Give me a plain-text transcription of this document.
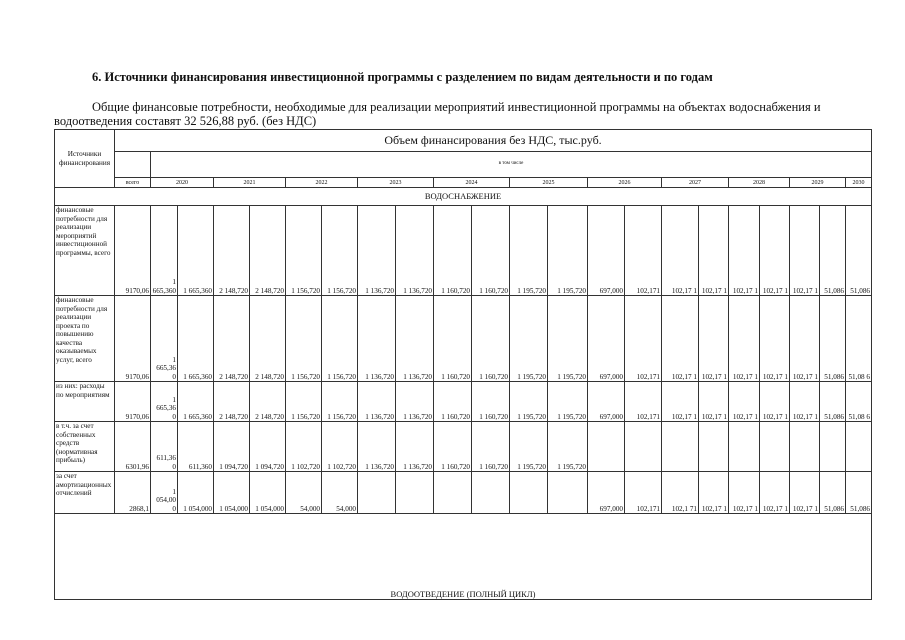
6. Источники финансирования инвестиционной программы с разделением по видам деятельности и по годам
Общие финансовые потребности, необходимые для реализации мероприятий инвестиционной программы на объектах водоснабжения и водоотведения составят 32 526,88 руб. (без НДС)
Источники финансирования	Объем финансирования без НДС, тыс.руб.																					
		в том числе																				
	всего	2020		2021		2022		2023		2024		2025		2026		2027		2028		2029		2030
ВОДОСНАБЖЕНИЕ																						
финансовые потребности для реализации мероприятий инвестиционной программы, всего	9170,06	1 665,360	1 665,360	2 148,720	2 148,720	1 156,720	1 156,720	1 136,720	1 136,720	1 160,720	1 160,720	1 195,720	1 195,720	697,000	102,171	102,17 1	102,17 1	102,17 1	102,17 1	102,17 1	51,086	51,086
финансовые потребности для реализации проекта по повышению качества оказываемых услуг, всего	9170,06	1 665,36 0	1 665,360	2 148,720	2 148,720	1 156,720	1 156,720	1 136,720	1 136,720	1 160,720	1 160,720	1 195,720	1 195,720	697,000	102,171	102,17 1	102,17 1	102,17 1	102,17 1	102,17 1	51,086	51,08 6
из них: расходы по мероприятиям	9170,06	1 665,36 0	1 665,360	2 148,720	2 148,720	1 156,720	1 156,720	1 136,720	1 136,720	1 160,720	1 160,720	1 195,720	1 195,720	697,000	102,171	102,17 1	102,17 1	102,17 1	102,17 1	102,17 1	51,086	51,08 6
в т.ч. за счет собственных средств (нормативная прибыль)	6301,96	611,36 0	611,360	1 094,720	1 094,720	1 102,720	1 102,720	1 136,720	1 136,720	1 160,720	1 160,720	1 195,720	1 195,720									
за счет амортизационных отчислений	2868,1	1 054,00 0	1 054,000	1 054,000	1 054,000	54,000	54,000							697,000	102,171	102,1 71	102,17 1	102,17 1	102,17 1	102,17 1	51,086	51,086
ВОДООТВЕДЕНИЕ (ПОЛНЫЙ ЦИКЛ)																						
